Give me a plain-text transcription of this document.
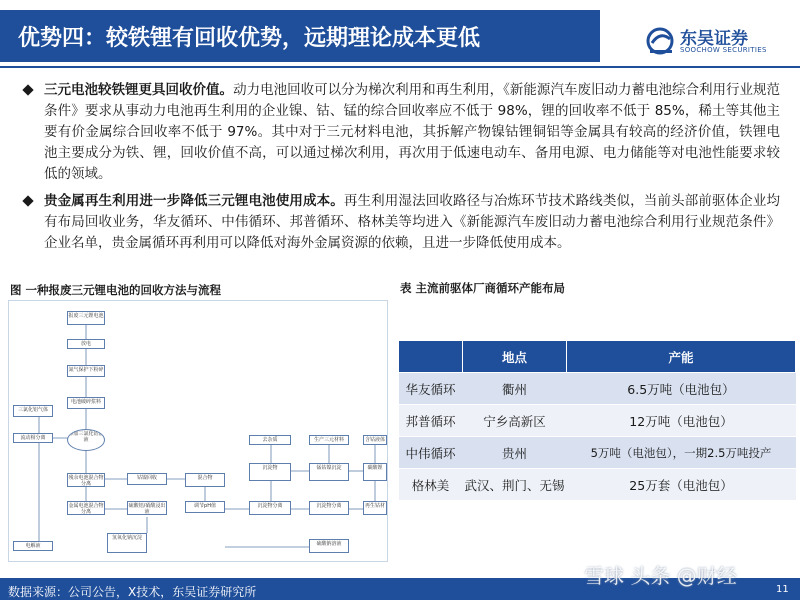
优势四：较铁锂有回收优势，远期理论成本更低	东吴证券
SOOCHOW SECURITIES
三元电池较铁锂更具回收价值。动力电池回收可以分为梯次利用和再生利用，《新能源汽车废旧动力蓄电池综合利用行业规范条件》要求从事动力电池再生利用的企业镍、钴、锰的综合回收率应不低于 98%，锂的回收率不低于 85%，稀土等其他主要有价金属综合回收率不低于 97%。其中对于三元材料电池，其拆解产物镍钴锂铜铝等金属具有较高的经济价值，铁锂电池主要成分为铁、锂，回收价值不高，可以通过梯次利用，再次用于低速电动车、备用电源、电力储能等对电池性能要求较低的领域。
贵金属再生利用进一步降低三元锂电池使用成本。再生利用湿法回收路径与冶炼环节技术路线类似，当前头部前驱体企业均有布局回收业务，华友循环、中伟循环、邦普循环、格林美等均进入《新能源汽车废旧动力蓄电池综合利用行业规范条件》企业名单，贵金属循环再利用可以降低对海外金属资源的依赖，且进一步降低使用成本。
图 一种报废三元锂电池的回收方法与流程	表 主流前驱体厂商循环产能布局
报废三元锂电池
放电
氮气保护下粉碎
电池破碎浆料
三氯化铝气体
流动相分离
添加三氯化铝溶液
残余电池混合物分离
钴镍回收
金属电池混合物分离
电解液
硫酸铝/硝酸浸出液
氢氧化钠沉淀
混合物
调节pH值	沉淀物分离
去杂质
沉淀物
生产三元材料
锰钴镍沉淀
含钴液体
碳酸锂
沉淀物分离
硫酸钠溶液
再生钴材
	地点	产能
华友循环	衢州	6.5万吨（电池包）
邦普循环	宁乡高新区	12万吨（电池包）
中伟循环	贵州	5万吨（电池包），一期2.5万吨投产
格林美	武汉、荆门、无锡	25万套（电池包）
数据来源：公司公告，X技术，东吴证券研究所	11
雪球 头条 @财经
